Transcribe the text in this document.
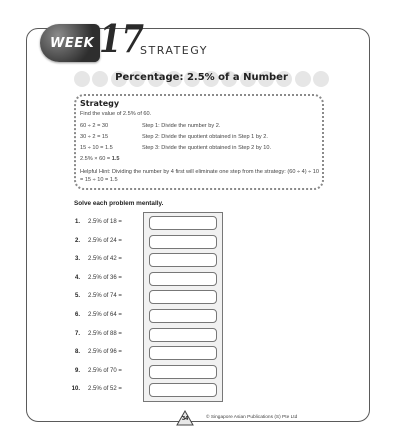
WEEK 17
STRATEGY
Percentage: 2.5% of a Number
Strategy
Find the value of 2.5% of 60.
60 ÷ 2 = 30	Step 1: Divide the number by 2.
30 ÷ 2 = 15	Step 2: Divide the quotient obtained in Step 1 by 2.
15 ÷ 10 = 1.5	Step 3: Divide the quotient obtained in Step 2 by 10.
2.5% × 60 = 1.5
Helpful Hint: Dividing the number by 4 first will eliminate one step from the strategy: (60 ÷ 4) ÷ 10 = 15 ÷ 10 = 1.5
Solve each problem mentally.
1. 2.5% of 18 =
2. 2.5% of 24 =
3. 2.5% of 42 =
4. 2.5% of 36 =
5. 2.5% of 74 =
6. 2.5% of 64 =
7. 2.5% of 88 =
8. 2.5% of 96 =
9. 2.5% of 70 =
10. 2.5% of 52 =
34	© Singapore Asian Publications (S) Pte Ltd
